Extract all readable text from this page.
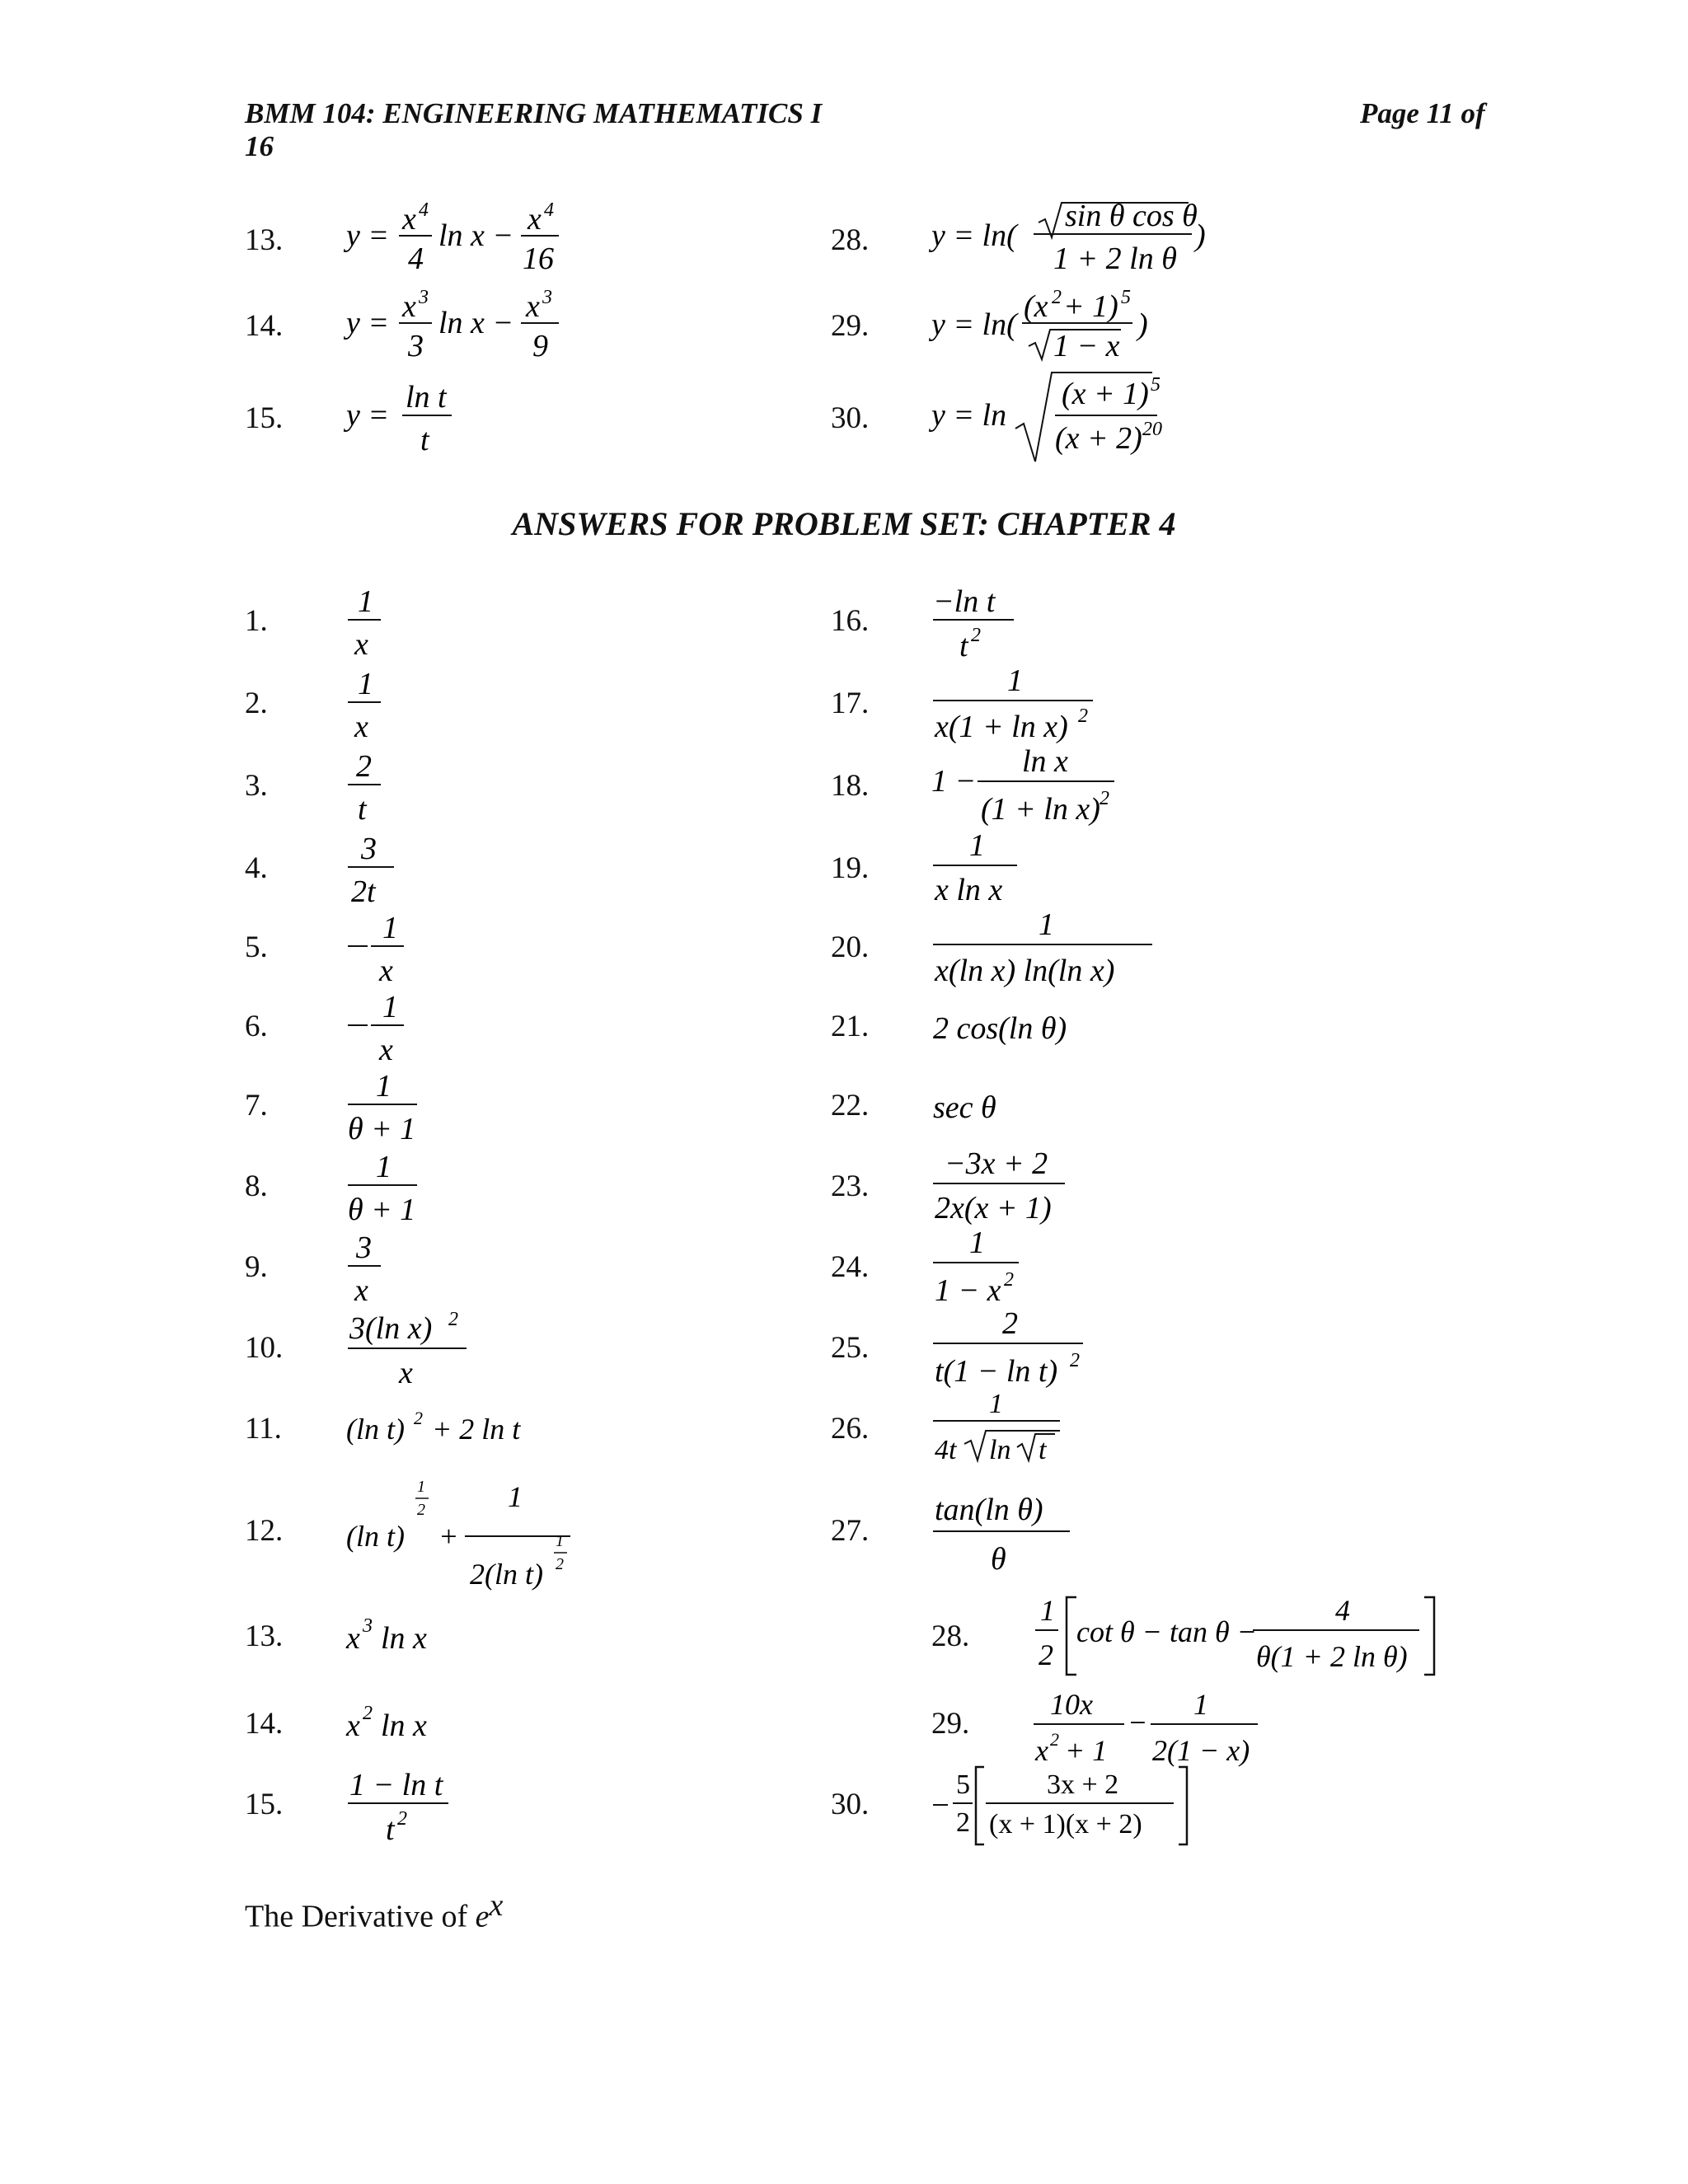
BMM 104: ENGINEERING MATHEMATICS I
16
Page 11 of
13.
14.
15.
28.
29.
30.
y = x 4
4
ln x − x 4
16
y = x 3
3
ln x − x 3
9
y =
ln t
t
y = ln(
sin θ cos θ
1 + 2 ln θ
)
y = ln(
(x 2 + 1) 5
1 − x
)
y = ln
(x + 1) 5
(x + 2) 20
ANSWERS FOR PROBLEM SET: CHAPTER 4
1.
2.
3.
4.
5.
6.
7.
8.
9.
10.
11.
12.
13.
14.
15.
16.
17.
18.
19.
20.
21.
22.
23.
24.
25.
26.
27.
28.
29.
30.
1
x
1
x
2
t
3
2t
1
x
1
x
1
θ + 1
1
θ + 1
3
x
3(ln x) 2
x
(ln t) 2 + 2 ln t
(ln t)
1
2
+
1
2(ln t)
1
2
x 3 ln x
x 2 ln x
1 − ln t
t 2
−ln t
t 2
1
x(1 + ln x) 2
1 −
ln x
(1 + ln x) 2
1
x ln x
1
x(ln x) ln(ln x)
2 cos(ln θ)
sec θ
−3x + 2
2x(x + 1)
1
1 − x 2
2
t(1 − ln t) 2
1
4t ln t
tan(ln θ)
θ
1
2
cot θ − tan θ −
4
θ(1 + 2 ln θ)
10x
x 2 + 1
−
1
2(1 − x)
5
2
3x + 2
(x + 1)(x + 2)
The Derivative of $e^x$
